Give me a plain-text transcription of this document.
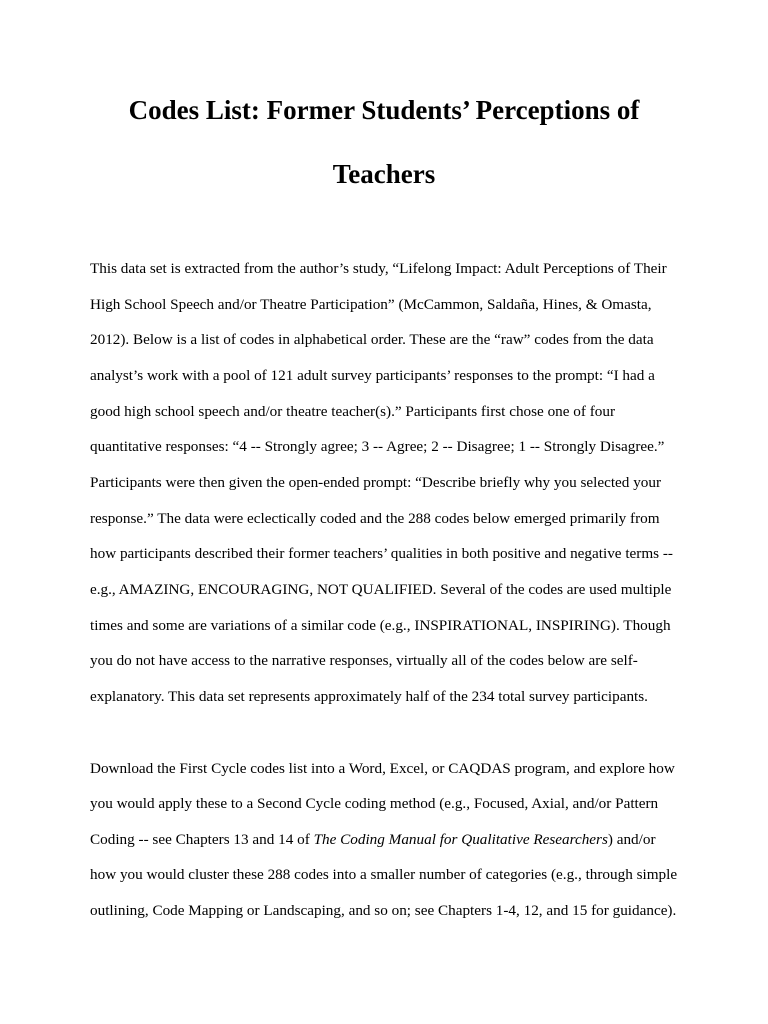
Codes List: Former Students’ Perceptions of
Teachers

This data set is extracted from the author’s study, “Lifelong Impact: Adult Perceptions of Their

High School Speech and/or Theatre Participation” (McCammon, Saldaña, Hines, & Omasta,

2012). Below is a list of codes in alphabetical order. These are the “raw” codes from the data

analyst’s work with a pool of 121 adult survey participants’ responses to the prompt: “I had a

good high school speech and/or theatre teacher(s).” Participants first chose one of four

quantitative responses: “4 -- Strongly agree; 3 -- Agree; 2 -- Disagree; 1 -- Strongly Disagree.”

Participants were then given the open-ended prompt: “Describe briefly why you selected your

response.” The data were eclectically coded and the 288 codes below emerged primarily from

how participants described their former teachers’ qualities in both positive and negative terms --

e.g., AMAZING, ENCOURAGING, NOT QUALIFIED. Several of the codes are used multiple

times and some are variations of a similar code (e.g., INSPIRATIONAL, INSPIRING). Though

you do not have access to the narrative responses, virtually all of the codes below are self-

explanatory. This data set represents approximately half of the 234 total survey participants.

Download the First Cycle codes list into a Word, Excel, or CAQDAS program, and explore how

you would apply these to a Second Cycle coding method (e.g., Focused, Axial, and/or Pattern

Coding -- see Chapters 13 and 14 of The Coding Manual for Qualitative Researchers) and/or

how you would cluster these 288 codes into a smaller number of categories (e.g., through simple

outlining, Code Mapping or Landscaping, and so on; see Chapters 1-4, 12, and 15 for guidance).
